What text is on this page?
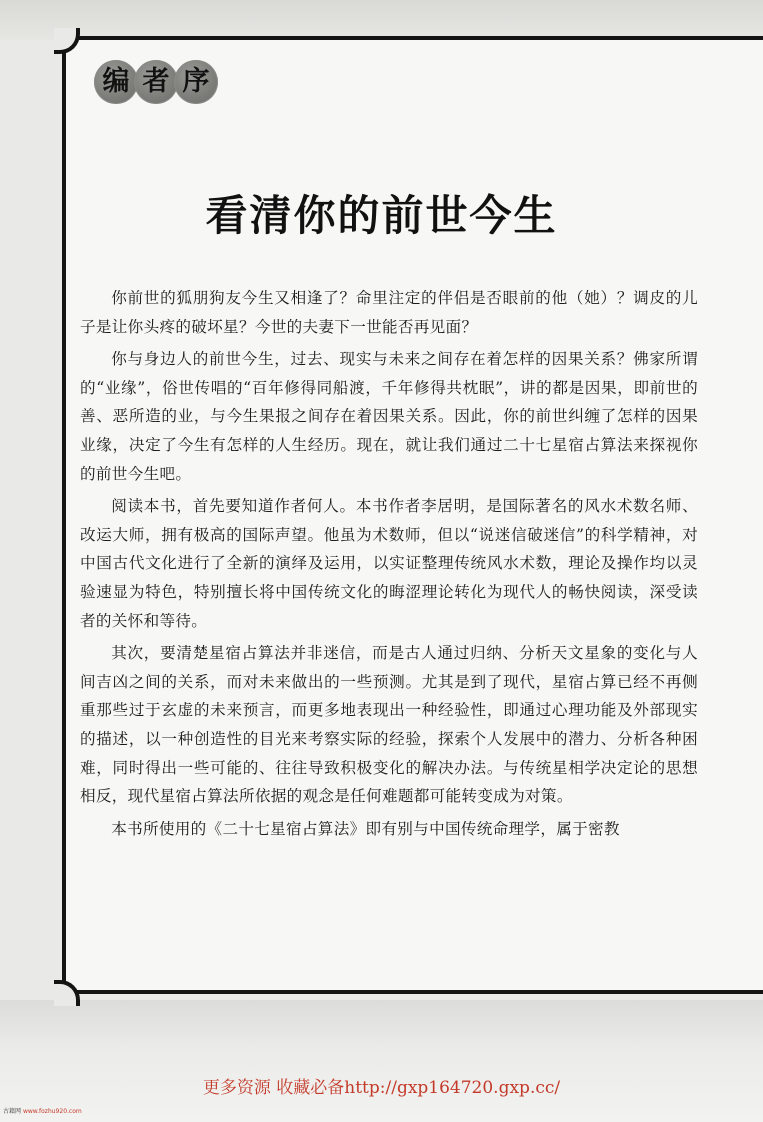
编 者 序
看清你的前世今生

你前世的狐朋狗友今生又相逢了？命里注定的伴侣是否眼前的他（她）？调皮的儿子是让你头疼的破坏星？今世的夫妻下一世能否再见面？

你与身边人的前世今生，过去、现实与未来之间存在着怎样的因果关系？佛家所谓的“业缘”，俗世传唱的“百年修得同船渡，千年修得共枕眠”，讲的都是因果，即前世的善、恶所造的业，与今生果报之间存在着因果关系。因此，你的前世纠缠了怎样的因果业缘，决定了今生有怎样的人生经历。现在，就让我们通过二十七星宿占算法来探视你的前世今生吧。

阅读本书，首先要知道作者何人。本书作者李居明，是国际著名的风水术数名师、改运大师，拥有极高的国际声望。他虽为术数师，但以“说迷信破迷信”的科学精神，对中国古代文化进行了全新的演绎及运用，以实证整理传统风水术数，理论及操作均以灵验速显为特色，特别擅长将中国传统文化的晦涩理论转化为现代人的畅快阅读，深受读者的关怀和等待。

其次，要清楚星宿占算法并非迷信，而是古人通过归纳、分析天文星象的变化与人间吉凶之间的关系，而对未来做出的一些预测。尤其是到了现代，星宿占算已经不再侧重那些过于玄虚的未来预言，而更多地表现出一种经验性，即通过心理功能及外部现实的描述，以一种创造性的目光来考察实际的经验，探索个人发展中的潜力、分析各种困难，同时得出一些可能的、往往导致积极变化的解决办法。与传统星相学决定论的思想相反，现代星宿占算法所依据的观念是任何难题都可能转变成为对策。

本书所使用的《二十七星宿占算法》即有别与中国传统命理学，属于密教

更多资源 收藏必备http://gxp164720.gxp.cc/
古籍网 www.fozhu920.com
